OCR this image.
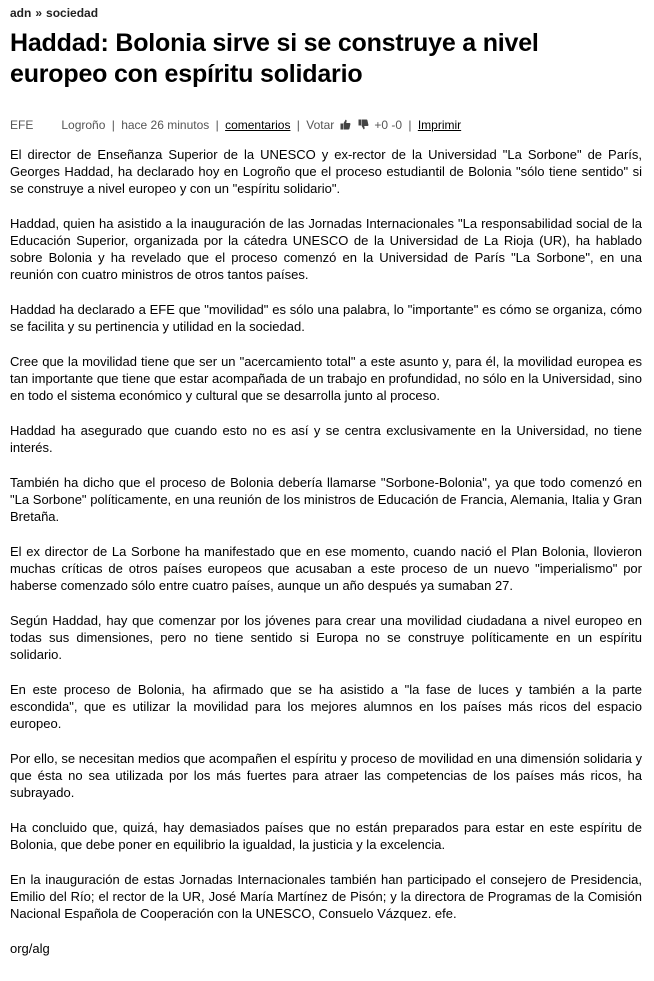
adn » sociedad
Haddad: Bolonia sirve si se construye a nivel europeo con espíritu solidario
EFE Logroño | hace 26 minutos | comentarios | Votar	+0 -0 | Imprimir

El director de Enseñanza Superior de la UNESCO y ex-rector de la Universidad "La Sorbone" de París, Georges Haddad, ha declarado hoy en Logroño que el proceso estudiantil de Bolonia "sólo tiene sentido" si se construye a nivel europeo y con un "espíritu solidario".

Haddad, quien ha asistido a la inauguración de las Jornadas Internacionales "La responsabilidad social de la Educación Superior, organizada por la cátedra UNESCO de la Universidad de La Rioja (UR), ha hablado sobre Bolonia y ha revelado que el proceso comenzó en la Universidad de París "La Sorbone", en una reunión con cuatro ministros de otros tantos países.

Haddad ha declarado a EFE que "movilidad" es sólo una palabra, lo "importante" es cómo se organiza, cómo se facilita y su pertinencia y utilidad en la sociedad.

Cree que la movilidad tiene que ser un "acercamiento total" a este asunto y, para él, la movilidad europea es tan importante que tiene que estar acompañada de un trabajo en profundidad, no sólo en la Universidad, sino en todo el sistema económico y cultural que se desarrolla junto al proceso.

Haddad ha asegurado que cuando esto no es así y se centra exclusivamente en la Universidad, no tiene interés.

También ha dicho que el proceso de Bolonia debería llamarse "Sorbone-Bolonia", ya que todo comenzó en "La Sorbone" políticamente, en una reunión de los ministros de Educación de Francia, Alemania, Italia y Gran Bretaña.

El ex director de La Sorbone ha manifestado que en ese momento, cuando nació el Plan Bolonia, llovieron muchas críticas de otros países europeos que acusaban a este proceso de un nuevo "imperialismo" por haberse comenzado sólo entre cuatro países, aunque un año después ya sumaban 27.

Según Haddad, hay que comenzar por los jóvenes para crear una movilidad ciudadana a nivel europeo en todas sus dimensiones, pero no tiene sentido si Europa no se construye políticamente en un espíritu solidario.

En este proceso de Bolonia, ha afirmado que se ha asistido a "la fase de luces y también a la parte escondida", que es utilizar la movilidad para los mejores alumnos en los países más ricos del espacio europeo.

Por ello, se necesitan medios que acompañen el espíritu y proceso de movilidad en una dimensión solidaria y que ésta no sea utilizada por los más fuertes para atraer las competencias de los países más ricos, ha subrayado.

Ha concluido que, quizá, hay demasiados países que no están preparados para estar en este espíritu de Bolonia, que debe poner en equilibrio la igualdad, la justicia y la excelencia.

En la inauguración de estas Jornadas Internacionales también han participado el consejero de Presidencia, Emilio del Río; el rector de la UR, José María Martínez de Pisón; y la directora de Programas de la Comisión Nacional Española de Cooperación con la UNESCO, Consuelo Vázquez. efe.

org/alg
